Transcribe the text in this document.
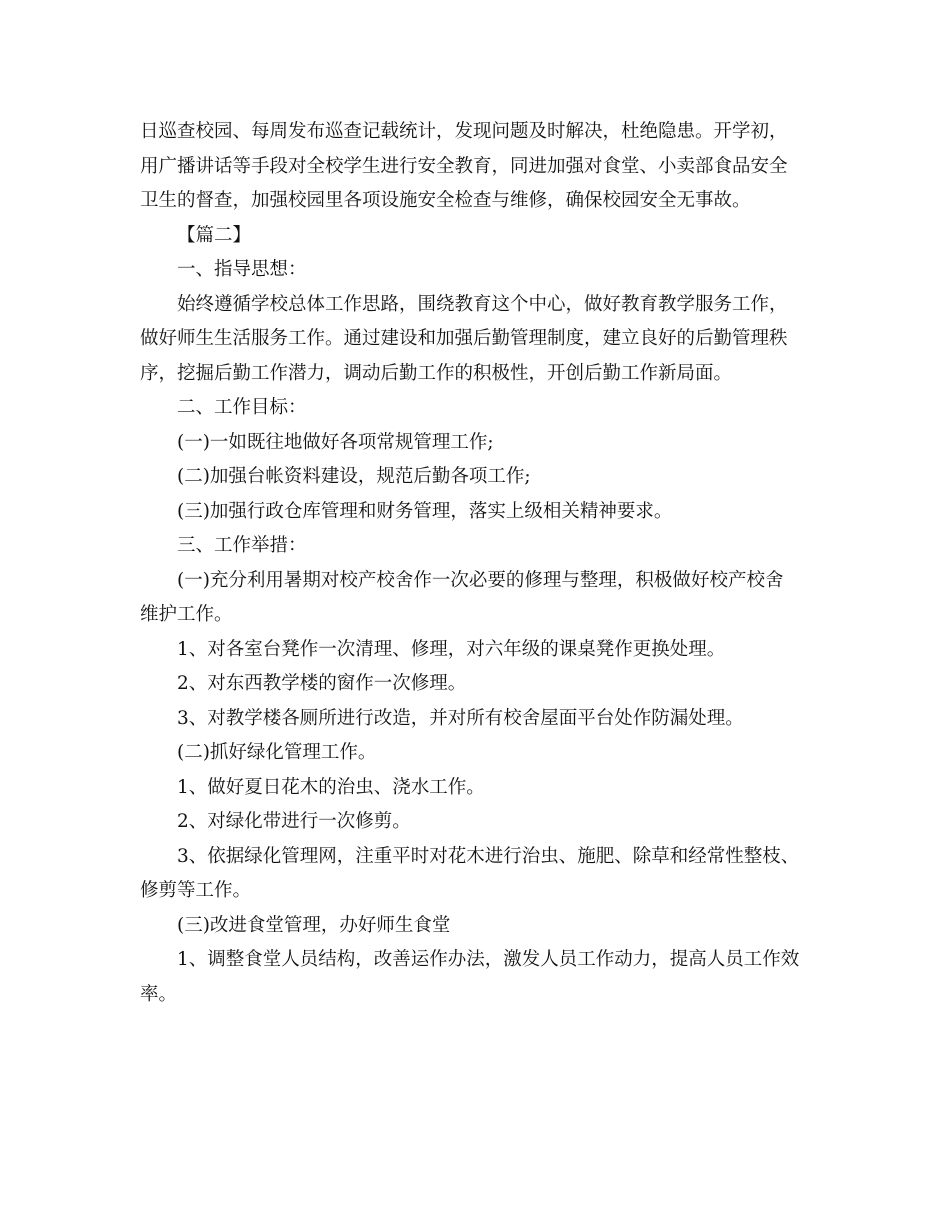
日巡查校园、每周发布巡查记载统计，发现问题及时解决，杜绝隐患。开学初，
用广播讲话等手段对全校学生进行安全教育，同进加强对食堂、小卖部食品安全
卫生的督查，加强校园里各项设施安全检查与维修，确保校园安全无事故。
【篇二】
一、指导思想：
始终遵循学校总体工作思路，围绕教育这个中心，做好教育教学服务工作，
做好师生生活服务工作。通过建设和加强后勤管理制度，建立良好的后勤管理秩
序，挖掘后勤工作潜力，调动后勤工作的积极性，开创后勤工作新局面。
二、工作目标：
(一)一如既往地做好各项常规管理工作;
(二)加强台帐资料建设，规范后勤各项工作;
(三)加强行政仓库管理和财务管理，落实上级相关精神要求。
三、工作举措：
(一)充分利用暑期对校产校舍作一次必要的修理与整理，积极做好校产校舍
维护工作。
1、对各室台凳作一次清理、修理，对六年级的课桌凳作更换处理。
2、对东西教学楼的窗作一次修理。
3、对教学楼各厕所进行改造，并对所有校舍屋面平台处作防漏处理。
(二)抓好绿化管理工作。
1、做好夏日花木的治虫、浇水工作。
2、对绿化带进行一次修剪。
3、依据绿化管理网，注重平时对花木进行治虫、施肥、除草和经常性整枝、
修剪等工作。
(三)改进食堂管理，办好师生食堂
1、调整食堂人员结构，改善运作办法，激发人员工作动力，提高人员工作效
率。
